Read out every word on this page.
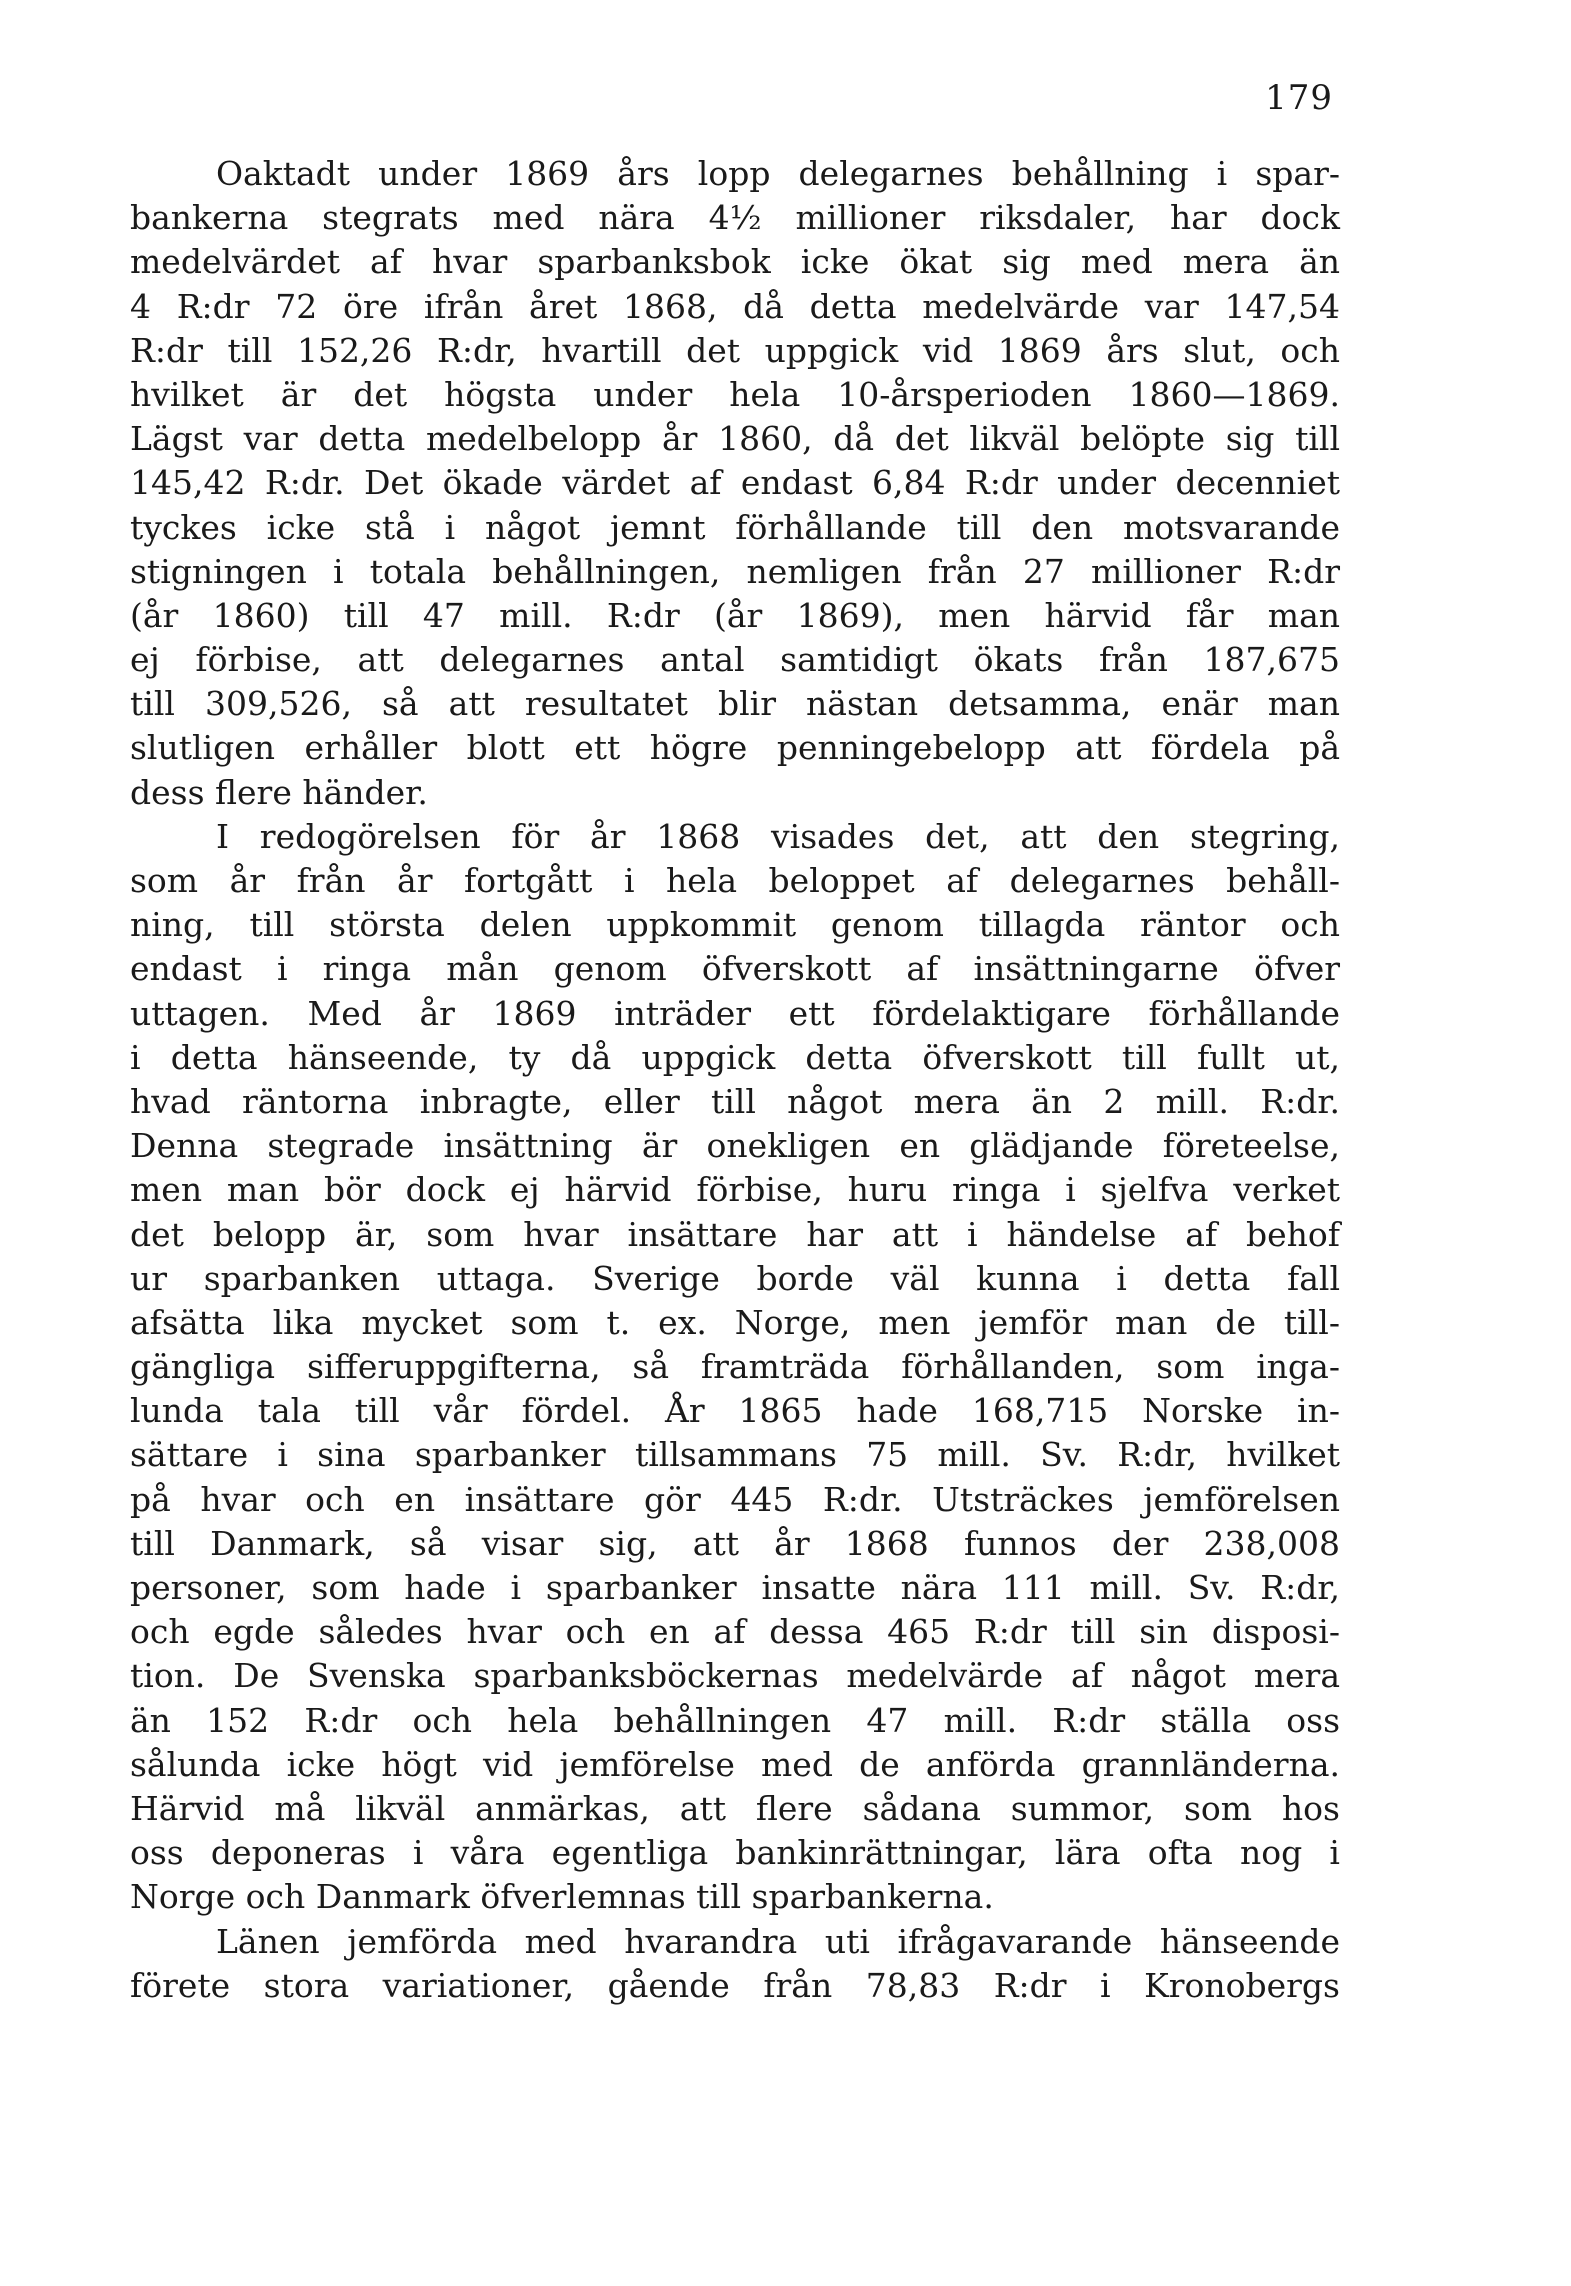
179
Oaktadt under 1869 års lopp delegarnes behållning i spar-
bankerna stegrats med nära 4½ millioner riksdaler, har dock
medelvärdet af hvar sparbanksbok icke ökat sig med mera än
4 R:dr 72 öre ifrån året 1868, då detta medelvärde var 147,54
R:dr till 152,26 R:dr, hvartill det uppgick vid 1869 års slut, och
hvilket är det högsta under hela 10-årsperioden 1860—1869.
Lägst var detta medelbelopp år 1860, då det likväl belöpte sig till
145,42 R:dr. Det ökade värdet af endast 6,84 R:dr under decenniet
tyckes icke stå i något jemnt förhållande till den motsvarande
stigningen i totala behållningen, nemligen från 27 millioner R:dr
(år 1860) till 47 mill. R:dr (år 1869), men härvid får man
ej förbise, att delegarnes antal samtidigt ökats från 187,675
till 309,526, så att resultatet blir nästan detsamma, enär man
slutligen erhåller blott ett högre penningebelopp att fördela på
dess flere händer.
I redogörelsen för år 1868 visades det, att den stegring,
som år från år fortgått i hela beloppet af delegarnes behåll-
ning, till största delen uppkommit genom tillagda räntor och
endast i ringa mån genom öfverskott af insättningarne öfver
uttagen. Med år 1869 inträder ett fördelaktigare förhållande
i detta hänseende, ty då uppgick detta öfverskott till fullt ut,
hvad räntorna inbragte, eller till något mera än 2 mill. R:dr.
Denna stegrade insättning är onekligen en glädjande företeelse,
men man bör dock ej härvid förbise, huru ringa i sjelfva verket
det belopp är, som hvar insättare har att i händelse af behof
ur sparbanken uttaga. Sverige borde väl kunna i detta fall
afsätta lika mycket som t. ex. Norge, men jemför man de till-
gängliga sifferuppgifterna, så framträda förhållanden, som inga-
lunda tala till vår fördel. År 1865 hade 168,715 Norske in-
sättare i sina sparbanker tillsammans 75 mill. Sv. R:dr, hvilket
på hvar och en insättare gör 445 R:dr. Utsträckes jemförelsen
till Danmark, så visar sig, att år 1868 funnos der 238,008
personer, som hade i sparbanker insatte nära 111 mill. Sv. R:dr,
och egde således hvar och en af dessa 465 R:dr till sin disposi-
tion. De Svenska sparbanksböckernas medelvärde af något mera
än 152 R:dr och hela behållningen 47 mill. R:dr ställa oss
sålunda icke högt vid jemförelse med de anförda grannländerna.
Härvid må likväl anmärkas, att flere sådana summor, som hos
oss deponeras i våra egentliga bankinrättningar, lära ofta nog i
Norge och Danmark öfverlemnas till sparbankerna.
Länen jemförda med hvarandra uti ifrågavarande hänseende
förete stora variationer, gående från 78,83 R:dr i Kronobergs
